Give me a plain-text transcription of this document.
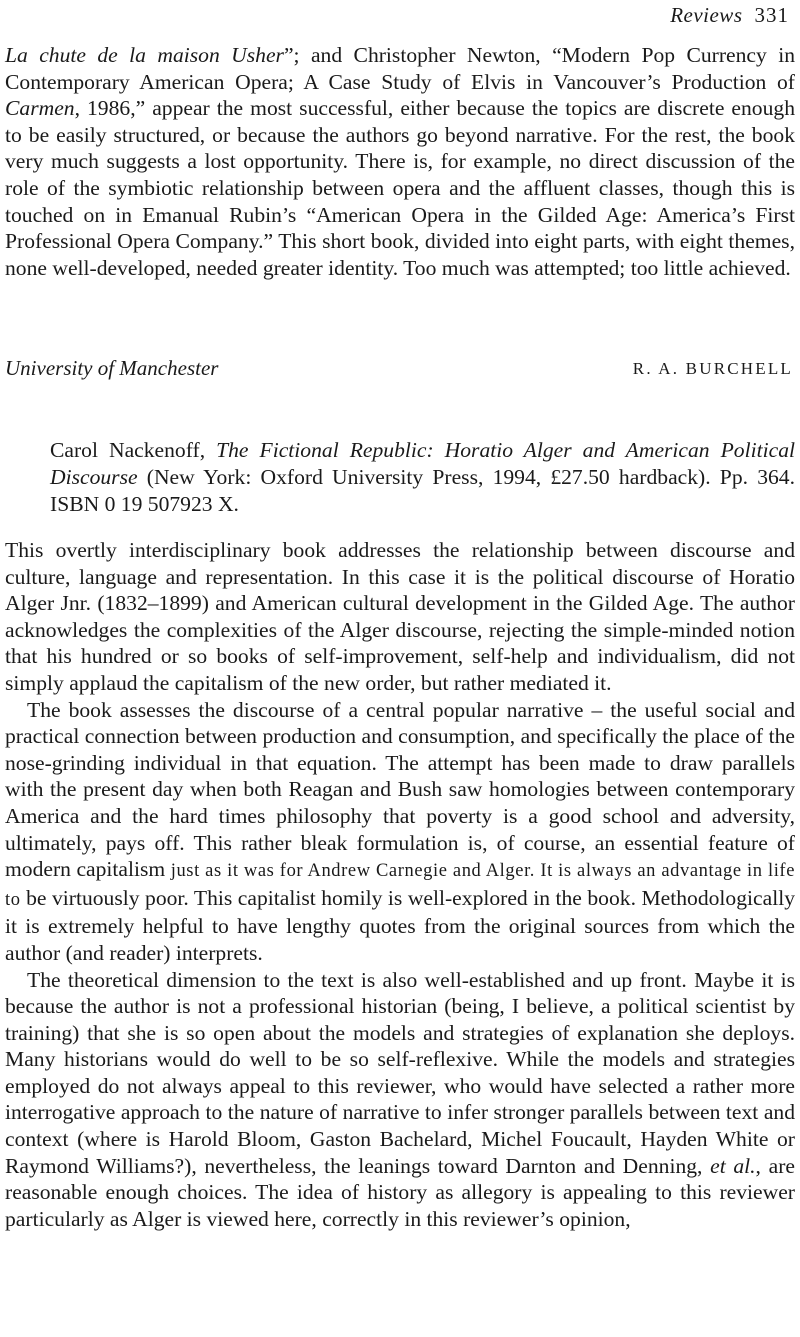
Reviews 331

La chute de la maison Usher”; and Christopher Newton, “Modern Pop Currency in Contemporary American Opera; A Case Study of Elvis in Vancouver’s Production of Carmen, 1986,” appear the most successful, either because the topics are discrete enough to be easily structured, or because the authors go beyond narrative. For the rest, the book very much suggests a lost opportunity. There is, for example, no direct discussion of the role of the symbiotic relationship between opera and the affluent classes, though this is touched on in Emanual Rubin’s “American Opera in the Gilded Age: America’s First Professional Opera Company.” This short book, divided into eight parts, with eight themes, none well-developed, needed greater identity. Too much was attempted; too little achieved.

University of Manchester	R. A. BURCHELL

Carol Nackenoff, The Fictional Republic: Horatio Alger and American Political Discourse (New York: Oxford University Press, 1994, £27.50 hardback). Pp. 364. ISBN 0 19 507923 X.

This overtly interdisciplinary book addresses the relationship between discourse and culture, language and representation. In this case it is the political discourse of Horatio Alger Jnr. (1832–1899) and American cultural development in the Gilded Age. The author acknowledges the complexities of the Alger discourse, rejecting the simple-minded notion that his hundred or so books of self-improvement, self-help and individualism, did not simply applaud the capitalism of the new order, but rather mediated it.

The book assesses the discourse of a central popular narrative – the useful social and practical connection between production and consumption, and specifically the place of the nose-grinding individual in that equation. The attempt has been made to draw parallels with the present day when both Reagan and Bush saw homologies between contemporary America and the hard times philosophy that poverty is a good school and adversity, ultimately, pays off. This rather bleak formulation is, of course, an essential feature of modern capitalism just as it was for Andrew Carnegie and Alger. It is always an advantage in life to be virtuously poor. This capitalist homily is well-explored in the book. Methodologically it is extremely helpful to have lengthy quotes from the original sources from which the author (and reader) interprets.

The theoretical dimension to the text is also well-established and up front. Maybe it is because the author is not a professional historian (being, I believe, a political scientist by training) that she is so open about the models and strategies of explanation she deploys. Many historians would do well to be so self-reflexive. While the models and strategies employed do not always appeal to this reviewer, who would have selected a rather more interrogative approach to the nature of narrative to infer stronger parallels between text and context (where is Harold Bloom, Gaston Bachelard, Michel Foucault, Hayden White or Raymond Williams?), nevertheless, the leanings toward Darnton and Denning, et al., are reasonable enough choices. The idea of history as allegory is appealing to this reviewer particularly as Alger is viewed here, correctly in this reviewer’s opinion,
